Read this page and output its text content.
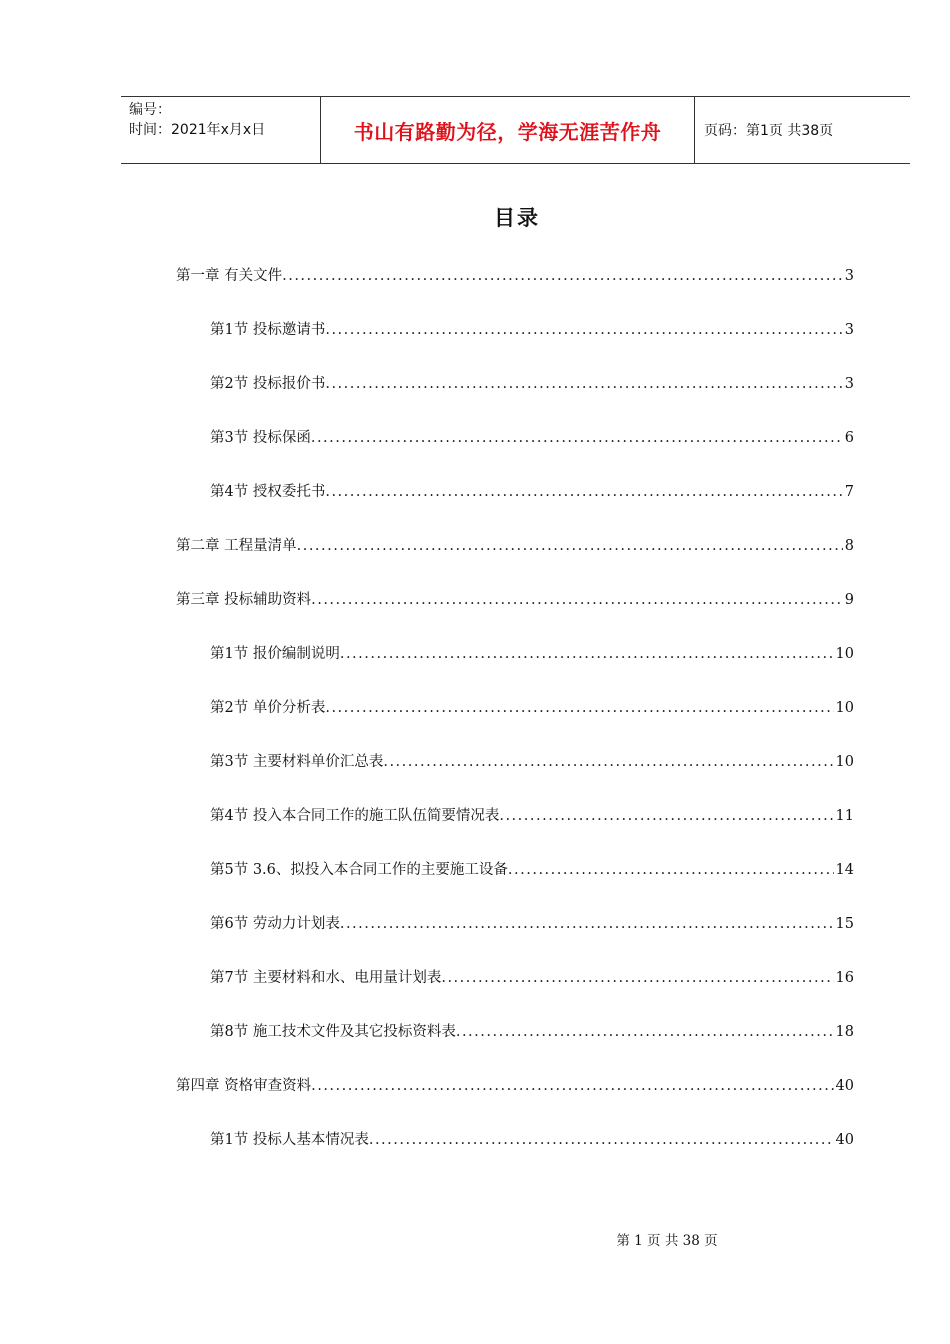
编号：
时间：2021年x月x日	书山有路勤为径，学海无涯苦作舟	页码：第1页 共38页
目录
第一章 有关文件 .....	3
第1节 投标邀请书 .....	3
第2节 投标报价书 .....	3
第3节 投标保函 .....	6
第4节 授权委托书 .....	7
第二章 工程量清单 .....	8
第三章 投标辅助资料 .....	9
第1节 报价编制说明 .....	10
第2节 单价分析表 .....	10
第3节 主要材料单价汇总表 .....	10
第4节 投入本合同工作的施工队伍简要情况表 .....	11
第5节 3.6、拟投入本合同工作的主要施工设备 .....	14
第6节 劳动力计划表 .....	15
第7节 主要材料和水、电用量计划表 .....	16
第8节 施工技术文件及其它投标资料表 .....	18
第四章 资格审查资料 .....	40
第1节 投标人基本情况表 .....	40
第 1 页 共 38 页
